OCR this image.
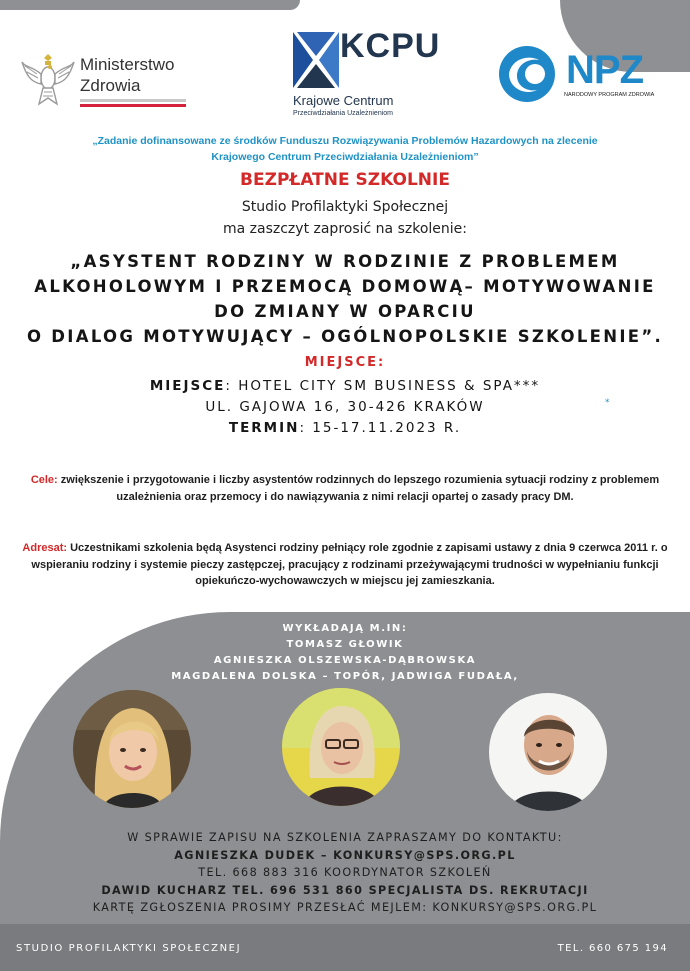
Ministerstwo Zdrowia
KCPU
Krajowe Centrum
Przeciwdziałania Uzależnieniom
NPZ
NARODOWY PROGRAM ZDROWIA
„Zadanie dofinansowane ze środków Funduszu Rozwiązywania Problemów Hazardowych na zlecenie Krajowego Centrum Przeciwdziałania Uzależnieniom”
BEZPŁATNE SZKOLNIE
Studio Profilaktyki Społecznej
ma zaszczyt zaprosić na szkolenie:
„ASYSTENT RODZINY W RODZINIE Z PROBLEMEM
ALKOHOLOWYM I PRZEMOCĄ DOMOWĄ– MOTYWOWANIE
DO ZMIANY W OPARCIU
O DIALOG MOTYWUJĄCY – OGÓLNOPOLSKIE SZKOLENIE”.
MIEJSCE:
MIEJSCE: HOTEL CITY SM BUSINESS & SPA***
UL. GAJOWA 16, 30-426 KRAKÓW
TERMIN: 15-17.11.2023 R.
*
Cele: zwiększenie i przygotowanie i liczby asystentów rodzinnych do lepszego rozumienia sytuacji rodziny z problemem uzależnienia oraz przemocy i do nawiązywania z nimi relacji opartej o zasady pracy DM.
Adresat: Uczestnikami szkolenia będą Asystenci rodziny pełniący role zgodnie z zapisami ustawy z dnia 9 czerwca 2011 r. o wspieraniu rodziny i systemie pieczy zastępczej, pracujący z rodzinami przeżywającymi trudności w wypełnianiu funkcji opiekuńczo-wychowawczych w miejscu jej zamieszkania.
WYKŁADAJĄ M.IN:
TOMASZ GŁOWIK
AGNIESZKA OLSZEWSKA-DĄBROWSKA
MAGDALENA DOLSKA – TOPÓR, JADWIGA FUDAŁA,
W SPRAWIE ZAPISU NA SZKOLENIA ZAPRASZAMY DO KONTAKTU:
AGNIESZKA DUDEK – KONKURSY@SPS.ORG.PL
TEL. 668 883 316 KOORDYNATOR SZKOLEŃ
DAWID KUCHARZ TEL. 696 531 860 SPECJALISTA DS. REKRUTACJI
KARTĘ ZGŁOSZENIA PROSIMY PRZESŁAĆ MEJLEM: KONKURSY@SPS.ORG.PL
STUDIO PROFILAKTYKI SPOŁECZNEJ	TEL. 660 675 194
